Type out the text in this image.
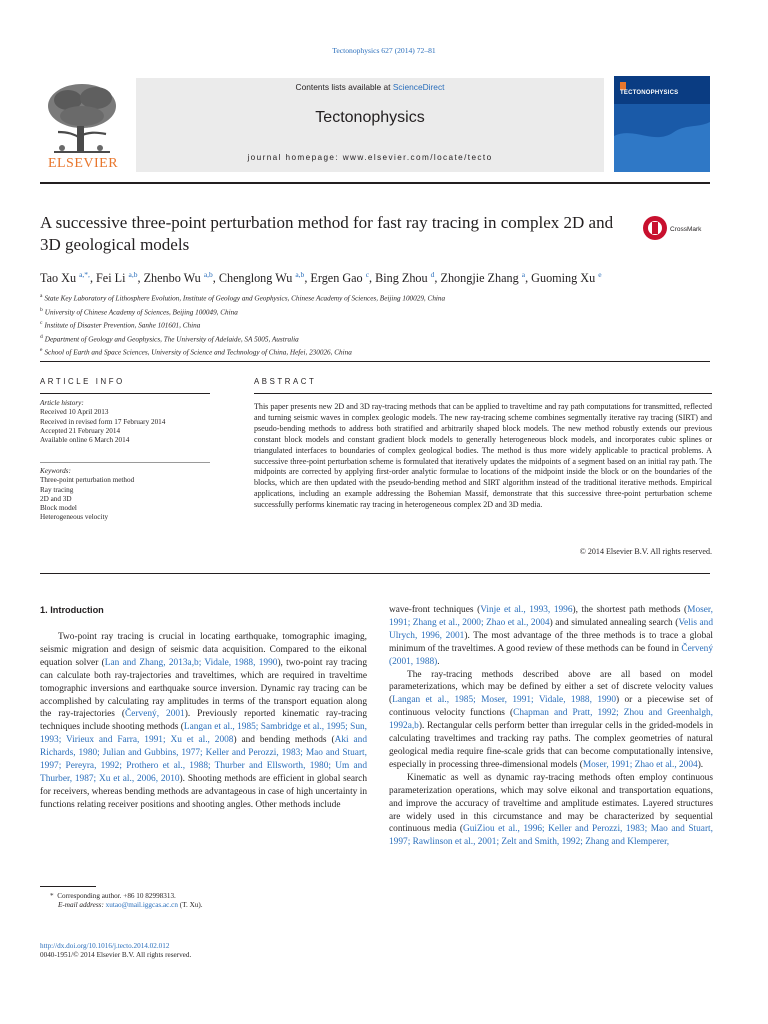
Tectonophysics 627 (2014) 72–81
ELSEVIER
Contents lists available at ScienceDirect
Tectonophysics
journal homepage: www.elsevier.com/locate/tecto
TECTONOPHYSICS
A successive three-point perturbation method for fast ray tracing in complex 2D and 3D geological models
CrossMark
Tao Xu $^{a,*,}$, Fei Li $^{a,b}$, Zhenbo Wu $^{a,b}$, Chenglong Wu $^{a,b}$, Ergen Gao $^c$, Bing Zhou $^d$, Zhongjie Zhang $^a$, Guoming Xu $^e$
$^a$ State Key Laboratory of Lithosphere Evolution, Institute of Geology and Geophysics, Chinese Academy of Sciences, Beijing 100029, China
$^b$ University of Chinese Academy of Sciences, Beijing 100049, China
$^c$ Institute of Disaster Prevention, Sanhe 101601, China
$^d$ Department of Geology and Geophysics, The University of Adelaide, SA 5005, Australia
$^e$ School of Earth and Space Sciences, University of Science and Technology of China, Hefei, 230026, China
ARTICLE INFO
Article history:
Received 10 April 2013
Received in revised form 17 February 2014
Accepted 21 February 2014
Available online 6 March 2014
Keywords:
Three-point perturbation method
Ray tracing
2D and 3D
Block model
Heterogeneous velocity
ABSTRACT
This paper presents new 2D and 3D ray-tracing methods that can be applied to traveltime and ray path computations for transmitted, reflected and turning seismic waves in complex geologic models. The new ray-tracing scheme combines segmentally iterative ray tracing (SIRT) and pseudo-bending methods to address both stratified and arbitrarily shaped block models. The new method robustly extends our previous constant block models and constant gradient block models to generally heterogeneous block models, and incorporates cubic splines or triangulated interfaces to boundaries of complex geological bodies. The method is thus more widely applicable to practical problems. A successive three-point perturbation scheme is formulated that iteratively updates the midpoints of a segment based on an initial ray path. The midpoints are corrected by applying first-order analytic formulae to locations of the midpoint inside the block or on the boundaries of the blocks, which are then updated with the pseudo-bending method and SIRT algorithm instead of the traditional iterative methods. Empirical applications, including an example addressing the Bohemian Massif, demonstrate that this successive three-point perturbation scheme successfully performs kinematic ray tracing in heterogeneous complex 2D and 3D media.
© 2014 Elsevier B.V. All rights reserved.
1. Introduction

Two-point ray tracing is crucial in locating earthquake, tomographic imaging, seismic migration and design of seismic data acquisition. Compared to the eikonal equation solver (Lan and Zhang, 2013a,b; Vidale, 1988, 1990), two-point ray tracing can calculate both ray-trajectories and traveltimes, which are required in traveltime tomographic inversions and earthquake source inversion. Dynamic ray tracing can be accomplished by calculating ray amplitudes in terms of the transport equation along the ray-trajectories (Červený, 2001). Previously reported kinematic ray-tracing techniques include shooting methods (Langan et al., 1985; Sambridge et al., 1995; Sun, 1993; Virieux and Farra, 1991; Xu et al., 2008) and bending methods (Aki and Richards, 1980; Julian and Gubbins, 1977; Keller and Perozzi, 1983; Mao and Stuart, 1997; Pereyra, 1992; Prothero et al., 1988; Thurber and Ellsworth, 1980; Um and Thurber, 1987; Xu et al., 2006, 2010). Shooting methods are efficient in global search for receivers, whereas bending methods are advantageous in case of high uncertainty in functions relating receiver positions and shooting angles. Other methods include

wave-front techniques (Vinje et al., 1993, 1996), the shortest path methods (Moser, 1991; Zhang et al., 2000; Zhao et al., 2004) and simulated annealing search (Velis and Ulrych, 1996, 2001). The most advantage of the three methods is to trace a global minimum of the traveltimes. A good review of these methods can be found in Červený (2001, 1988).

The ray-tracing methods described above are all based on model parameterizations, which may be defined by either a set of discrete velocity values (Langan et al., 1985; Moser, 1991; Vidale, 1988, 1990) or a piecewise set of continuous velocity functions (Chapman and Pratt, 1992; Zhou and Greenhalgh, 1992a,b). Rectangular cells perform better than irregular cells in the grided-models in calculating traveltimes and tracking ray paths. The complex geometries of natural geological media require fine-scale grids that can become computationally intensive, especially in processing three-dimensional models (Moser, 1991; Zhao et al., 2004).

Kinematic as well as dynamic ray-tracing methods often employ continuous parameterization operations, which may solve eikonal and transportation equations, and improve the accuracy of traveltime and amplitude estimates. Layered structures are widely used in this circumstance and may be characterized by sequential continuous media (GuiZiou et al., 1996; Keller and Perozzi, 1983; Mao and Stuart, 1997; Rawlinson et al., 2001; Zelt and Smith, 1992; Zhang and Klemperer,

* Corresponding author. +86 10 82998313.
E-mail address: xutao@mail.iggcas.ac.cn (T. Xu).
http://dx.doi.org/10.1016/j.tecto.2014.02.012
0040-1951/© 2014 Elsevier B.V. All rights reserved.
